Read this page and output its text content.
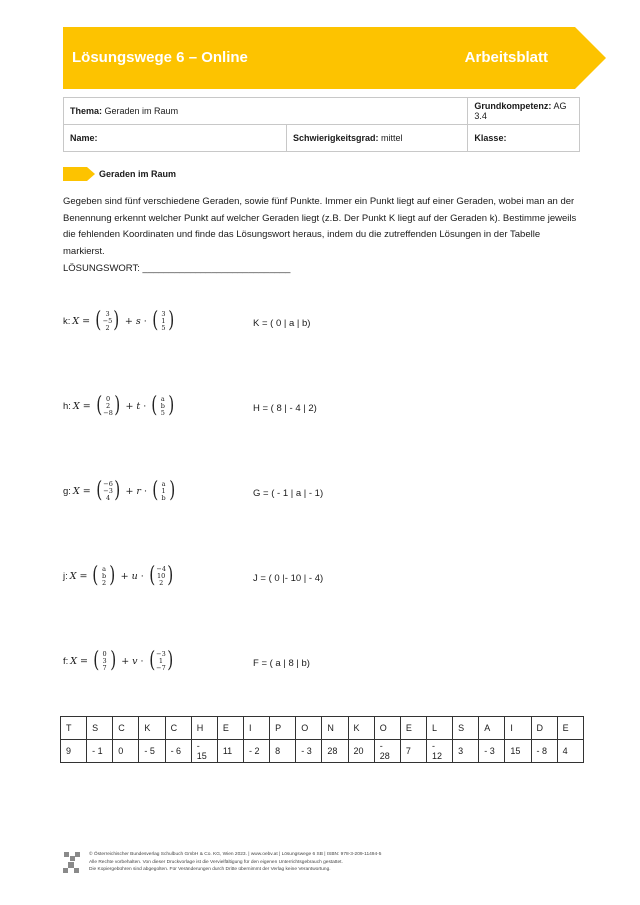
Lösungswege 6 – Online	Arbeitsblatt
Thema: Geraden im Raum		Grundkompetenz: AG 3.4
Name:	Schwierigkeitsgrad: mittel	Klasse:
Geraden im Raum
Gegeben sind fünf verschiedene Geraden, sowie fünf Punkte. Immer ein Punkt liegt auf einer Geraden, wobei man an der Benennung erkennt welcher Punkt auf welcher Geraden liegt (z.B. Der Punkt K liegt auf der Geraden k). Bestimme jeweils die fehlenden Koordinaten und finde das Lösungswort heraus, indem du die zutreffenden Lösungen in der Tabelle markierst.
LÖSUNGSWORT: ____________________________
k: X = ( 3
−5
2 ) + s · ( 3
1
5 )	K = ( 0 | a | b)
h: X = ( 0
2
−8 ) + t · ( a
b
5 )	H = ( 8 | - 4 | 2)
g: X = ( −6
−3
4 ) + r · ( a
1
b )	G = ( - 1 | a | - 1)
j: X = ( a
b
2 ) + u · ( −4
10
2 )	J = ( 0 |- 10 | - 4)
f: X = ( 0
3
7 ) + v · ( −3
1
−7 )	F = ( a | 8 | b)
T	S	C	K	C	H	E	I	P	O	N	K	O	E	L	S	A	I	D	E
9	- 1	0	- 5	- 6	- 15	11	- 2	8	- 3	28	20	- 28	7	- 12	3	- 3	15	- 8	4
© Österreichischer Bundesverlag Schulbuch GmbH & Co. KG, Wien 2023. | www.oebv.at | Lösungswege 6 SB | ISBN: 978-3-209-11494-5
Alle Rechte vorbehalten. Von dieser Druckvorlage ist die Vervielfältigung für den eigenen Unterrichtsgebrauch gestattet.
Die Kopiergebühren sind abgegolten. Für Veränderungen durch Dritte übernimmt der Verlag keine Verantwortung.
